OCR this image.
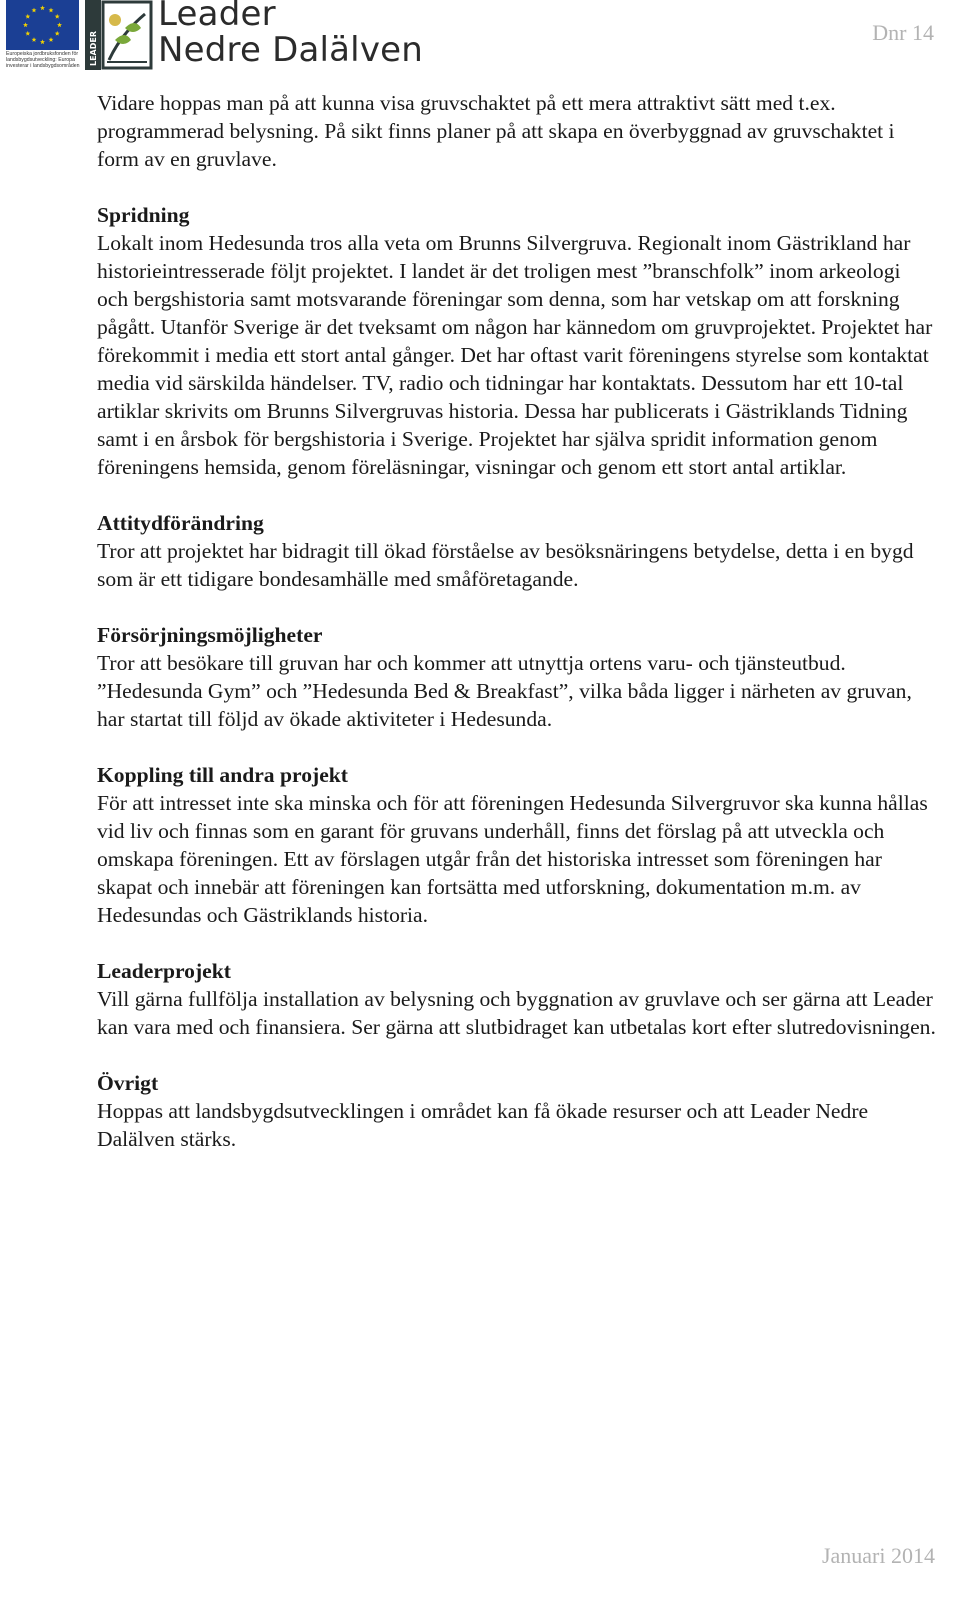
Europeiska jordbruksfonden för landsbygdsutveckling: Europa investerar i landsbygdsområden	LEADER
Leader
Nedre Dalälven	Dnr 14

Vidare hoppas man på att kunna visa gruvschaktet på ett mera attraktivt sätt med t.ex. programmerad belysning. På sikt finns planer på att skapa en överbyggnad av gruvschaktet i form av en gruvlave.

Spridning

Lokalt inom Hedesunda tros alla veta om Brunns Silvergruva. Regionalt inom Gästrikland har historieintresserade följt projektet. I landet är det troligen mest ”branschfolk” inom arkeologi och bergshistoria samt motsvarande föreningar som denna, som har vetskap om att forskning pågått. Utanför Sverige är det tveksamt om någon har kännedom om gruvprojektet. Projektet har förekommit i media ett stort antal gånger. Det har oftast varit föreningens styrelse som kontaktat media vid särskilda händelser. TV, radio och tidningar har kontaktats. Dessutom har ett 10-tal artiklar skrivits om Brunns Silvergruvas historia. Dessa har publicerats i Gästriklands Tidning samt i en årsbok för bergshistoria i Sverige. Projektet har själva spridit information genom föreningens hemsida, genom föreläsningar, visningar och genom ett stort antal artiklar.

Attitydförändring

Tror att projektet har bidragit till ökad förståelse av besöksnäringens betydelse, detta i en bygd som är ett tidigare bondesamhälle med småföretagande.

Försörjningsmöjligheter

Tror att besökare till gruvan har och kommer att utnyttja ortens varu- och tjänsteutbud. ”Hedesunda Gym” och ”Hedesunda Bed & Breakfast”, vilka båda ligger i närheten av gruvan, har startat till följd av ökade aktiviteter i Hedesunda.

Koppling till andra projekt

För att intresset inte ska minska och för att föreningen Hedesunda Silvergruvor ska kunna hållas vid liv och finnas som en garant för gruvans underhåll, finns det förslag på att utveckla och omskapa föreningen. Ett av förslagen utgår från det historiska intresset som föreningen har skapat och innebär att föreningen kan fortsätta med utforskning, dokumentation m.m. av Hedesundas och Gästriklands historia.

Leaderprojekt

Vill gärna fullfölja installation av belysning och byggnation av gruvlave och ser gärna att Leader kan vara med och finansiera. Ser gärna att slutbidraget kan utbetalas kort efter slutredovisningen.

Övrigt

Hoppas att landsbygdsutvecklingen i området kan få ökade resurser och att Leader Nedre Dalälven stärks.

Januari 2014
